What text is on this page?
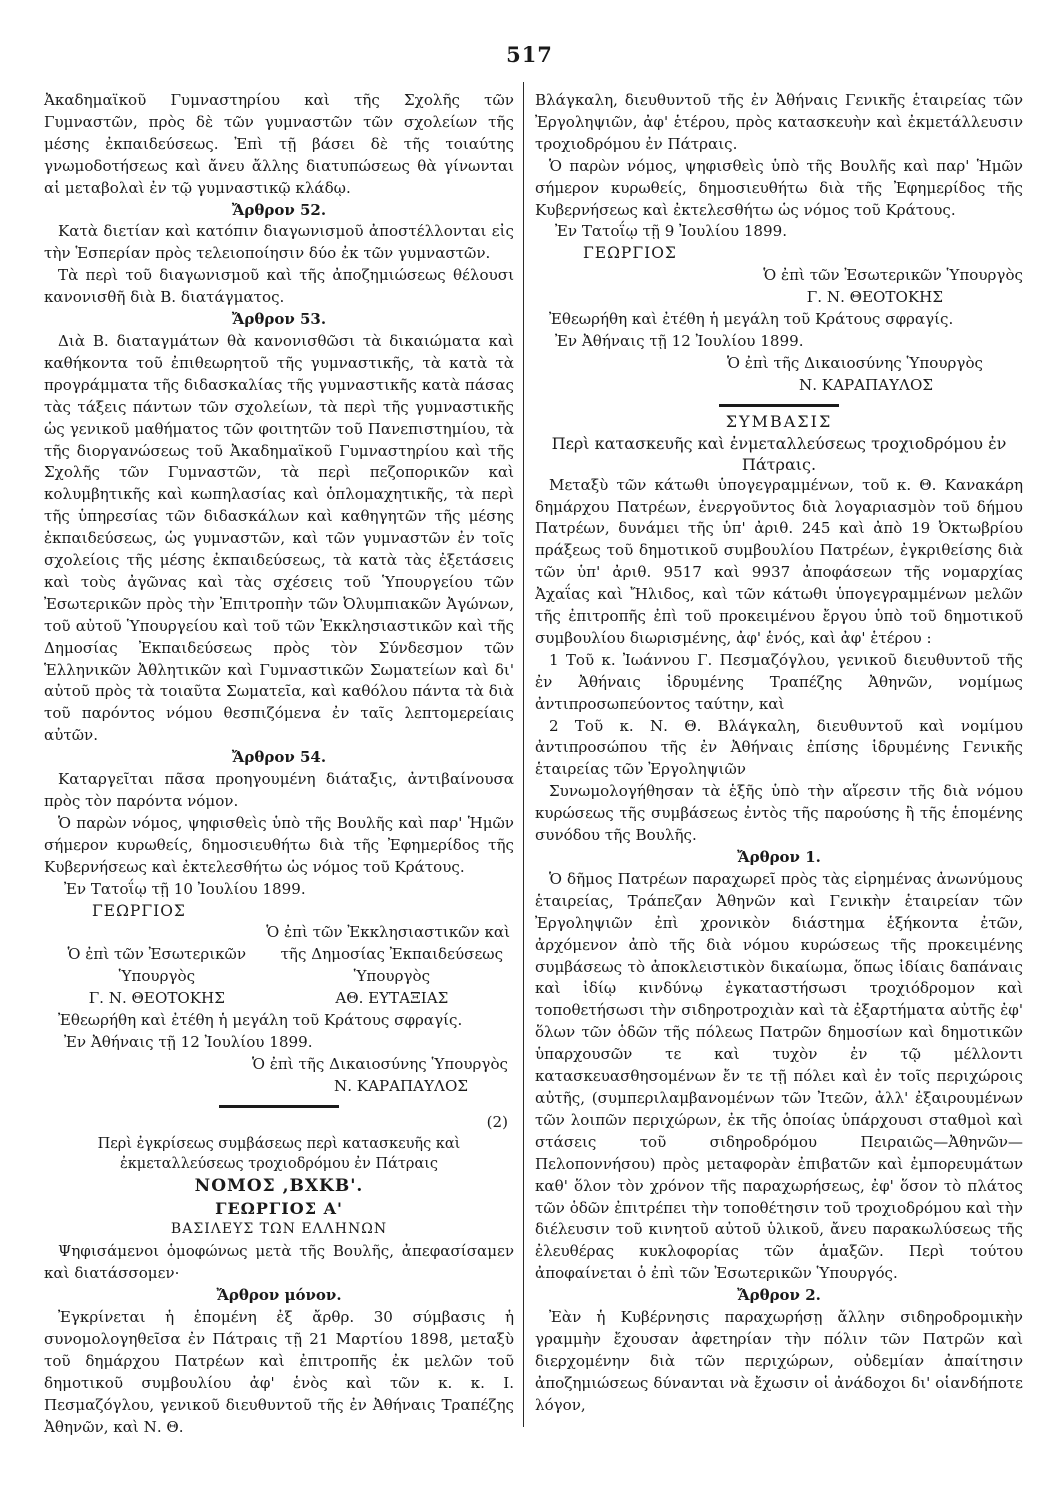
517

Ἀκαδημαϊκοῦ Γυμναστηρίου καὶ τῆς Σχολῆς τῶν Γυμναστῶν, πρὸς δὲ τῶν γυμναστῶν τῶν σχολείων τῆς μέσης ἐκπαιδεύσεως. Ἐπὶ τῇ βάσει δὲ τῆς τοιαύτης γνωμοδοτήσεως καὶ ἄνευ ἄλλης διατυπώσεως θὰ γίνωνται αἱ μεταβολαὶ ἐν τῷ γυμναστικῷ κλάδῳ.

Ἄρθρον 52.

Κατὰ διετίαν καὶ κατόπιν διαγωνισμοῦ ἀποστέλλονται εἰς τὴν Ἑσπερίαν πρὸς τελειοποίησιν δύο ἐκ τῶν γυμναστῶν.

Τὰ περὶ τοῦ διαγωνισμοῦ καὶ τῆς ἀποζημιώσεως θέλουσι κανονισθῆ διὰ Β. διατάγματος.

Ἄρθρον 53.

Διὰ Β. διαταγμάτων θὰ κανονισθῶσι τὰ δικαιώματα καὶ καθήκοντα τοῦ ἐπιθεωρητοῦ τῆς γυμναστικῆς, τὰ κατὰ τὰ προγράμματα τῆς διδασκαλίας τῆς γυμναστικῆς κατὰ πάσας τὰς τάξεις πάντων τῶν σχολείων, τὰ περὶ τῆς γυμναστικῆς ὡς γενικοῦ μαθήματος τῶν φοιτητῶν τοῦ Πανεπιστημίου, τὰ τῆς διοργανώσεως τοῦ Ἀκαδημαϊκοῦ Γυμναστηρίου καὶ τῆς Σχολῆς τῶν Γυμναστῶν, τὰ περὶ πεζοπορικῶν καὶ κολυμβητικῆς καὶ κωπηλασίας καὶ ὁπλομαχητικῆς, τὰ περὶ τῆς ὑπηρεσίας τῶν διδασκάλων καὶ καθηγητῶν τῆς μέσης ἐκπαιδεύσεως, ὡς γυμναστῶν, καὶ τῶν γυμναστῶν ἐν τοῖς σχολείοις τῆς μέσης ἐκπαιδεύσεως, τὰ κατὰ τὰς ἐξετάσεις καὶ τοὺς ἀγῶνας καὶ τὰς σχέσεις τοῦ Ὑπουργείου τῶν Ἐσωτερικῶν πρὸς τὴν Ἐπιτροπὴν τῶν Ὀλυμπιακῶν Ἀγώνων, τοῦ αὐτοῦ Ὑπουργείου καὶ τοῦ τῶν Ἐκκλησιαστικῶν καὶ τῆς Δημοσίας Ἐκπαιδεύσεως πρὸς τὸν Σύνδεσμον τῶν Ἑλληνικῶν Ἀθλητικῶν καὶ Γυμναστικῶν Σωματείων καὶ δι' αὐτοῦ πρὸς τὰ τοιαῦτα Σωματεῖα, καὶ καθόλου πάντα τὰ διὰ τοῦ παρόντος νόμου θεσπιζόμενα ἐν ταῖς λεπτομερείαις αὐτῶν.

Ἄρθρον 54.

Καταργεῖται πᾶσα προηγουμένη διάταξις, ἀντιβαίνουσα πρὸς τὸν παρόντα νόμον.

Ὁ παρὼν νόμος, ψηφισθεὶς ὑπὸ τῆς Βουλῆς καὶ παρ' Ἡμῶν σήμερον κυρωθείς, δημοσιευθήτω διὰ τῆς Ἐφημερίδος τῆς Κυβερνήσεως καὶ ἐκτελεσθήτω ὡς νόμος τοῦ Κράτους.

Ἐν Τατοΐῳ τῇ 10 Ἰουλίου 1899.

ΓΕΩΡΓΙΟΣ

Ὁ ἐπὶ τῶν Ἐκκλησιαστικῶν καὶ

Ὁ ἐπὶ τῶν Ἐσωτερικῶν
Ὑπουργὸς
Γ. Ν. ΘΕΟΤΟΚΗΣ
τῆς Δημοσίας Ἐκπαιδεύσεως
Ὑπουργὸς
ΑΘ. ΕΥΤΑΞΙΑΣ

Ἐθεωρήθη καὶ ἐτέθη ἡ μεγάλη τοῦ Κράτους σφραγίς.

Ἐν Ἀθήναις τῇ 12 Ἰουλίου 1899.

Ὁ ἐπὶ τῆς Δικαιοσύνης Ὑπουργὸς

Ν. ΚΑΡΑΠΑΥΛΟΣ

(2)

Περὶ ἐγκρίσεως συμβάσεως περὶ κατασκευῆς καὶ ἐκμεταλλεύσεως τροχιοδρόμου ἐν Πάτραις

ΝΟΜΟΣ ,ΒΧΚΒ'.

ΓΕΩΡΓΙΟΣ Α'

ΒΑΣΙΛΕΥΣ ΤΩΝ ΕΛΛΗΝΩΝ

Ψηφισάμενοι ὁμοφώνως μετὰ τῆς Βουλῆς, ἀπεφασίσαμεν καὶ διατάσσομεν·

Ἄρθρον μόνον.

Ἐγκρίνεται ἡ ἑπομένη ἐξ ἄρθρ. 30 σύμβασις ἡ συνομολογηθεῖσα ἐν Πάτραις τῇ 21 Μαρτίου 1898, μεταξὺ τοῦ δημάρχου Πατρέων καὶ ἐπιτροπῆς ἐκ μελῶν τοῦ δημοτικοῦ συμβουλίου ἀφ' ἑνὸς καὶ τῶν κ. κ. Ι. Πεσμαζόγλου, γενικοῦ διευθυντοῦ τῆς ἐν Ἀθήναις Τραπέζης Ἀθηνῶν, καὶ Ν. Θ.

Βλάγκαλη, διευθυντοῦ τῆς ἐν Ἀθήναις Γενικῆς ἑταιρείας τῶν Ἐργοληψιῶν, ἀφ' ἑτέρου, πρὸς κατασκευὴν καὶ ἐκμετάλλευσιν τροχιοδρόμου ἐν Πάτραις.

Ὁ παρὼν νόμος, ψηφισθεὶς ὑπὸ τῆς Βουλῆς καὶ παρ' Ἡμῶν σήμερον κυρωθείς, δημοσιευθήτω διὰ τῆς Ἐφημερίδος τῆς Κυβερνήσεως καὶ ἐκτελεσθήτω ὡς νόμος τοῦ Κράτους.

Ἐν Τατοΐῳ τῇ 9 Ἰουλίου 1899.

ΓΕΩΡΓΙΟΣ

Ὁ ἐπὶ τῶν Ἐσωτερικῶν Ὑπουργὸς

Γ. Ν. ΘΕΟΤΟΚΗΣ

Ἐθεωρήθη καὶ ἐτέθη ἡ μεγάλη τοῦ Κράτους σφραγίς.

Ἐν Ἀθήναις τῇ 12 Ἰουλίου 1899.

Ὁ ἐπὶ τῆς Δικαιοσύνης Ὑπουργὸς

Ν. ΚΑΡΑΠΑΥΛΟΣ

ΣΥΜΒΑΣΙΣ

Περὶ κατασκευῆς καὶ ἐνμεταλλεύσεως τροχιοδρόμου ἐν Πάτραις.

Μεταξὺ τῶν κάτωθι ὑπογεγραμμένων, τοῦ κ. Θ. Κανακάρη δημάρχου Πατρέων, ἐνεργοῦντος διὰ λογαριασμὸν τοῦ δήμου Πατρέων, δυνάμει τῆς ὑπ' ἀριθ. 245 καὶ ἀπὸ 19 Ὀκτωβρίου πράξεως τοῦ δημοτικοῦ συμβουλίου Πατρέων, ἐγκριθείσης διὰ τῶν ὑπ' ἀριθ. 9517 καὶ 9937 ἀποφάσεων τῆς νομαρχίας Ἀχαΐας καὶ Ἤλιδος, καὶ τῶν κάτωθι ὑπογεγραμμένων μελῶν τῆς ἐπιτροπῆς ἐπὶ τοῦ προκειμένου ἔργου ὑπὸ τοῦ δημοτικοῦ συμβουλίου διωρισμένης, ἀφ' ἑνός, καὶ ἀφ' ἑτέρου :

1 Τοῦ κ. Ἰωάννου Γ. Πεσμαζόγλου, γενικοῦ διευθυντοῦ τῆς ἐν Ἀθήναις ἱδρυμένης Τραπέζης Ἀθηνῶν, νομίμως ἀντιπροσωπεύοντος ταύτην, καὶ

2 Τοῦ κ. Ν. Θ. Βλάγκαλη, διευθυντοῦ καὶ νομίμου ἀντιπροσώπου τῆς ἐν Ἀθήναις ἐπίσης ἱδρυμένης Γενικῆς ἑταιρείας τῶν Ἐργοληψιῶν

Συνωμολογήθησαν τὰ ἑξῆς ὑπὸ τὴν αἵρεσιν τῆς διὰ νόμου κυρώσεως τῆς συμβάσεως ἐντὸς τῆς παρούσης ἢ τῆς ἑπομένης συνόδου τῆς Βουλῆς.

Ἄρθρον 1.

Ὁ δῆμος Πατρέων παραχωρεῖ πρὸς τὰς εἰρημένας ἀνωνύμους ἑταιρείας, Τράπεζαν Ἀθηνῶν καὶ Γενικὴν ἑταιρείαν τῶν Ἐργοληψιῶν ἐπὶ χρονικὸν διάστημα ἑξήκοντα ἐτῶν, ἀρχόμενον ἀπὸ τῆς διὰ νόμου κυρώσεως τῆς προκειμένης συμβάσεως τὸ ἀποκλειστικὸν δικαίωμα, ὅπως ἰδίαις δαπάναις καὶ ἰδίῳ κινδύνῳ ἐγκαταστήσωσι τροχιόδρομον καὶ τοποθετήσωσι τὴν σιδηροτροχιὰν καὶ τὰ ἐξαρτήματα αὐτῆς ἐφ' ὅλων τῶν ὁδῶν τῆς πόλεως Πατρῶν δημοσίων καὶ δημοτικῶν ὑπαρχουσῶν τε καὶ τυχὸν ἐν τῷ μέλλοντι κατασκευασθησομένων ἔν τε τῇ πόλει καὶ ἐν τοῖς περιχώροις αὐτῆς, (συμπεριλαμβανομένων τῶν Ἰτεῶν, ἀλλ' ἐξαιρουμένων τῶν λοιπῶν περιχώρων, ἐκ τῆς ὁποίας ὑπάρχουσι σταθμοὶ καὶ στάσεις τοῦ σιδηροδρόμου Πειραιῶς—Ἀθηνῶν—Πελοποννήσου) πρὸς μεταφορὰν ἐπιβατῶν καὶ ἐμπορευμάτων καθ' ὅλον τὸν χρόνον τῆς παραχωρήσεως, ἐφ' ὅσον τὸ πλάτος τῶν ὁδῶν ἐπιτρέπει τὴν τοποθέτησιν τοῦ τροχιοδρόμου καὶ τὴν διέλευσιν τοῦ κινητοῦ αὐτοῦ ὑλικοῦ, ἄνευ παρακωλύσεως τῆς ἐλευθέρας κυκλοφορίας τῶν ἁμαξῶν. Περὶ τούτου ἀποφαίνεται ὁ ἐπὶ τῶν Ἐσωτερικῶν Ὑπουργός.

Ἄρθρον 2.

Ἐὰν ἡ Κυβέρνησις παραχωρήσῃ ἄλλην σιδηροδρομικὴν γραμμὴν ἔχουσαν ἀφετηρίαν τὴν πόλιν τῶν Πατρῶν καὶ διερχομένην διὰ τῶν περιχώρων, οὐδεμίαν ἀπαίτησιν ἀποζημιώσεως δύνανται νὰ ἔχωσιν οἱ ἀνάδοχοι δι' οἱανδήποτε λόγον,
